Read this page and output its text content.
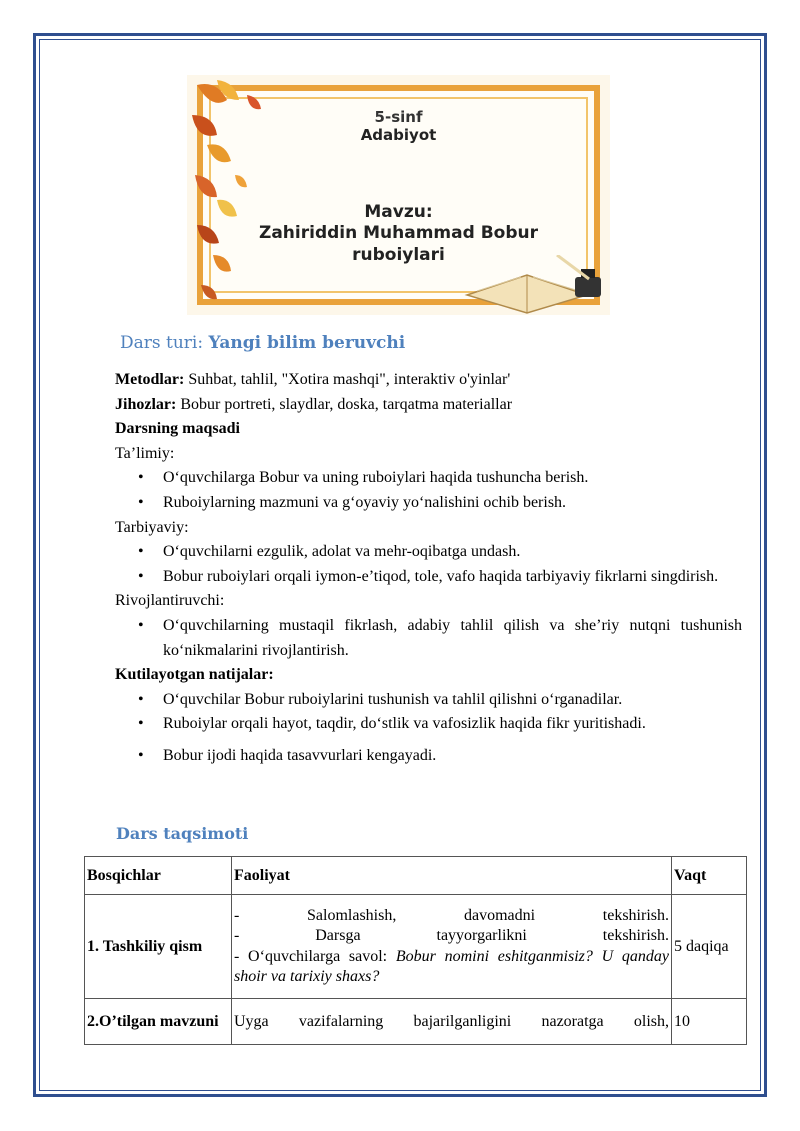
5-sinf
Adabiyot
Mavzu:
Zahiriddin Muhammad Bobur
ruboiylari
Dars turi: Yangi bilim beruvchi

Metodlar: Suhbat, tahlil, "Xotira mashqi", interaktiv o'yinlar'

Jihozlar: Bobur portreti, slaydlar, doska, tarqatma materiallar

Darsning maqsadi

Ta’limiy:

• O‘quvchilarga Bobur va uning ruboiylari haqida tushuncha berish.
• Ruboiylarning mazmuni va g‘oyaviy yo‘nalishini ochib berish.

Tarbiyaviy:

• O‘quvchilarni ezgulik, adolat va mehr-oqibatga undash.
• Bobur ruboiylari orqali iymon-e’tiqod, tole, vafo haqida tarbiyaviy fikrlarni singdirish.

Rivojlantiruvchi:

• O‘quvchilarning mustaqil fikrlash, adabiy tahlil qilish va she’riy nutqni tushunish ko‘nikmalarini rivojlantirish.

Kutilayotgan natijalar:

• O‘quvchilar Bobur ruboiylarini tushunish va tahlil qilishni o‘rganadilar.
• Ruboiylar orqali hayot, taqdir, do‘stlik va vafosizlik haqida fikr yuritishadi.
• Bobur ijodi haqida tasavvurlari kengayadi.
Dars taqsimoti
Bosqichlar	Faoliyat	Vaqt
1. Tashkiliy qism	- Salomlashish, davomadni tekshirish.
- Darsga tayyorgarlikni tekshirish.
- O‘quvchilarga savol: Bobur nomini eshitganmisiz? U qanday shoir va tarixiy shaxs?	5 daqiqa
2.O’tilgan mavzuni	Uyga vazifalarning bajarilganligini nazoratga olish,	10
